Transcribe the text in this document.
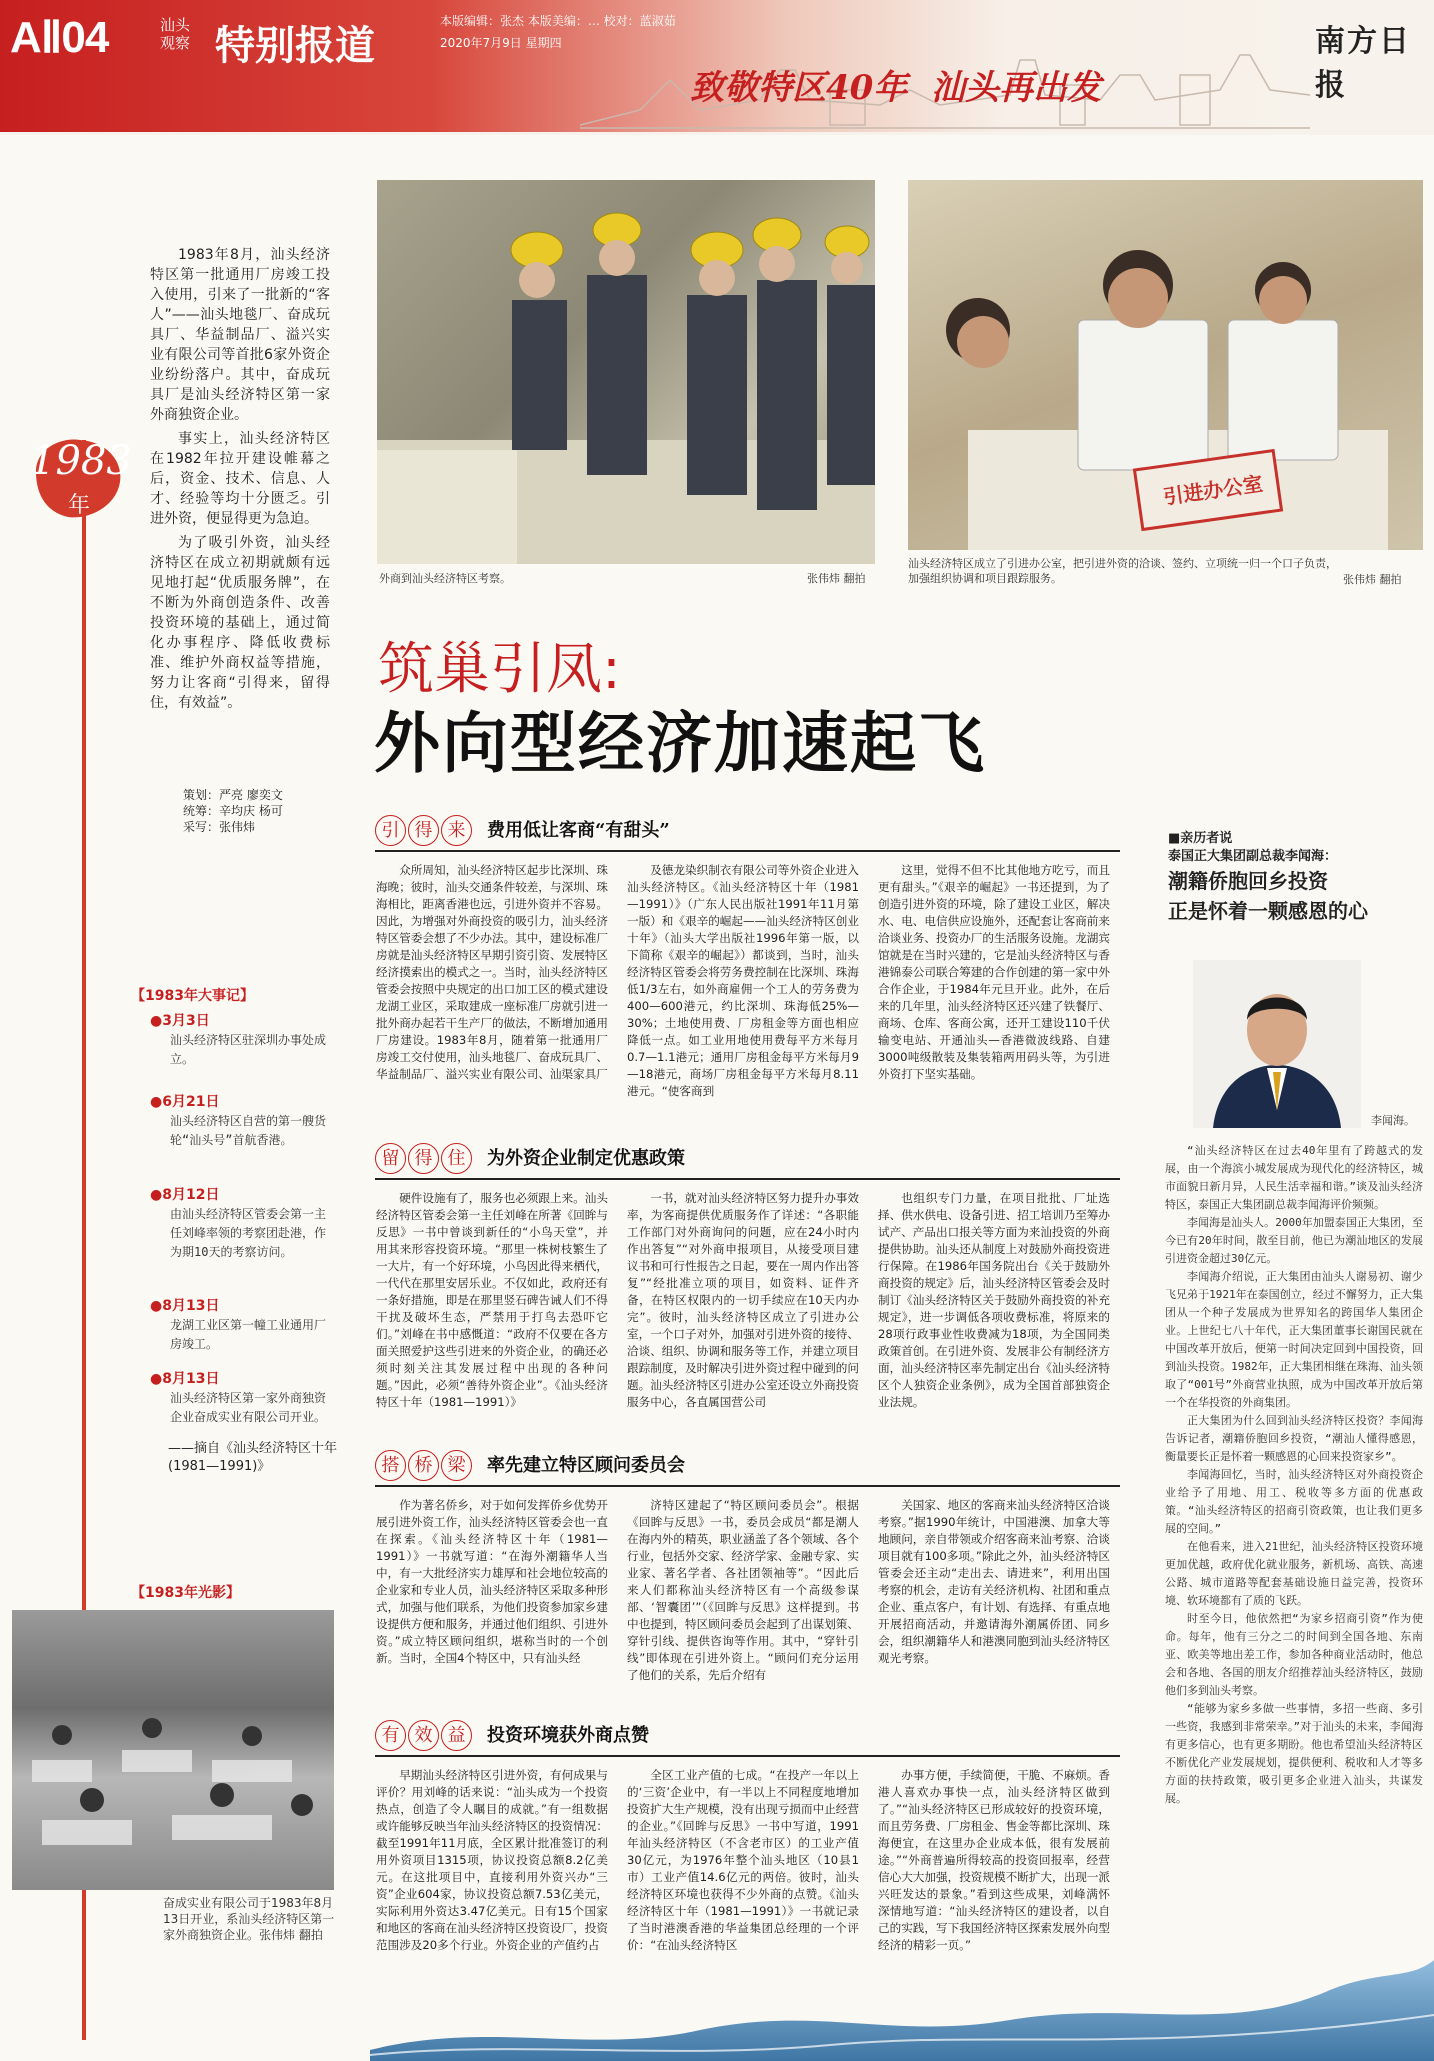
AⅡ04	汕头
观察 特别报道
本版编辑：张杰 本版美编：… 校对：蓝淑茹
2020年7月9日 星期四
致敬特区40年 汕头再出发
南方日报
1983
年

1983年8月，汕头经济特区第一批通用厂房竣工投入使用，引来了一批新的“客人”——汕头地毯厂、奋成玩具厂、华益制品厂、溢兴实业有限公司等首批6家外资企业纷纷落户。其中，奋成玩具厂是汕头经济特区第一家外商独资企业。

事实上，汕头经济特区在1982年拉开建设帷幕之后，资金、技术、信息、人才、经验等均十分匮乏。引进外资，便显得更为急迫。

为了吸引外资，汕头经济特区在成立初期就颇有远见地打起“优质服务牌”，在不断为外商创造条件、改善投资环境的基础上，通过简化办事程序、降低收费标准、维护外商权益等措施，努力让客商“引得来，留得住，有效益”。

策划：严亮 廖奕文
统筹：辛均庆 杨可
采写：张伟炜
【1983年大事记】
●3月3日
汕头经济特区驻深圳办事处成立。
●6月21日
汕头经济特区自营的第一艘货轮“汕头号”首航香港。
●8月12日
由汕头经济特区管委会第一主任刘峰率领的考察团赴港，作为期10天的考察访问。
●8月13日
龙湖工业区第一幢工业通用厂房竣工。
●8月13日
汕头经济特区第一家外商独资企业奋成实业有限公司开业。
——摘自《汕头经济特区十年(1981—1991)》
【1983年光影】
奋成实业有限公司于1983年8月13日开业，系汕头经济特区第一家外商独资企业。张伟炜 翻拍
外商到汕头经济特区考察。	张伟炜 翻拍
引进办公室
汕头经济特区成立了引进办公室，把引进外资的洽谈、签约、立项统一归一个口子负责，加强组织协调和项目跟踪服务。	张伟炜 翻拍
筑巢引凤:
外向型经济加速起飞
引 得 来 费用低让客商“有甜头”

众所周知，汕头经济特区起步比深圳、珠海晚；彼时，汕头交通条件较差，与深圳、珠海相比，距离香港也远，引进外资并不容易。因此，为增强对外商投资的吸引力，汕头经济特区管委会想了不少办法。其中，建设标准厂房就是汕头经济特区早期引资引资、发展特区经济摸索出的模式之一。当时，汕头经济特区管委会按照中央规定的出口加工区的模式建设龙湖工业区，采取建成一座标准厂房就引进一批外商办起若干生产厂的做法，不断增加通用厂房建设。1983年8月，随着第一批通用厂房竣工交付使用，汕头地毯厂、奋成玩具厂、华益制品厂、溢兴实业有限公司、汕渠家具厂

及德龙染织制衣有限公司等外资企业进入汕头经济特区。《汕头经济特区十年（1981—1991）》（广东人民出版社1991年11月第一版）和《艰辛的崛起——汕头经济特区创业十年》（汕头大学出版社1996年第一版，以下简称《艰辛的崛起》）都谈到，当时，汕头经济特区管委会将劳务费控制在比深圳、珠海低1/3左右，如外商雇佣一个工人的劳务费为400—600港元，约比深圳、珠海低25%—30%；土地使用费、厂房租金等方面也相应降低一点。如工业用地使用费每平方米每月0.7—1.1港元；通用厂房租金每平方米每月9—18港元，商场厂房租金每平方米每月8.11港元。“使客商到

这里，觉得不但不比其他地方吃亏，而且更有甜头。”《艰辛的崛起》一书还提到，为了创造引进外资的环境，除了建设工业区，解决水、电、电信供应设施外，还配套让客商前来洽谈业务、投资办厂的生活服务设施。龙湖宾馆就是在当时兴建的，它是汕头经济特区与香港锦泰公司联合筹建的合作创建的第一家中外合作企业，于1984年元旦开业。此外，在后来的几年里，汕头经济特区还兴建了铁餐厅、商场、仓库、客商公寓，还开工建设110千伏输变电站、开通汕头—香港微波线路、自建3000吨级散装及集装箱两用码头等，为引进外资打下坚实基础。

留 得 住 为外资企业制定优惠政策

硬件设施有了，服务也必须跟上来。汕头经济特区管委会第一主任刘峰在所著《回眸与反思》一书中曾谈到新任的“小鸟天堂”，并用其来形容投资环境。“那里一株树枝繁生了一大片，有一个好环境，小鸟因此得来栖代，一代代在那里安居乐业。不仅如此，政府还有一条好措施，即是在那里竖石碑告诫人们不得干扰及破坏生态，严禁用于打鸟去恐吓它们。”刘峰在书中感慨道：“政府不仅要在各方面关照爱护这些引进来的外资企业，的确还必须时刻关注其发展过程中出现的各种问题。”因此，必须“善待外资企业”。《汕头经济特区十年（1981—1991）》

一书，就对汕头经济特区努力提升办事效率，为客商提供优质服务作了详述：“各职能工作部门对外商询问的问题，应在24小时内作出答复”“对外商申报项目，从接受项目建议书和可行性报告之日起，要在一周内作出答复”“经批准立项的项目，如资料、证件齐备，在特区权限内的一切手续应在10天内办完”。彼时，汕头经济特区成立了引进办公室，一个口子对外，加强对引进外资的接待、洽谈、组织、协调和服务等工作，并建立项目跟踪制度，及时解决引进外资过程中碰到的问题。汕头经济特区引进办公室还设立外商投资服务中心，各直属国营公司

也组织专门力量，在项目批批、厂址选择、供水供电、设备引进、招工培训乃至筹办试产、产品出口报关等方面为来汕投资的外商提供协助。汕头还从制度上对鼓励外商投资进行保障。在1986年国务院出台《关于鼓励外商投资的规定》后，汕头经济特区管委会及时制订《汕头经济特区关于鼓励外商投资的补充规定》，进一步调低各项收费标准，将原来的28项行政事业性收费减为18项，为全国同类政策首创。在引进外资、发展非公有制经济方面，汕头经济特区率先制定出台《汕头经济特区个人独资企业条例》，成为全国首部独资企业法规。

搭 桥 梁 率先建立特区顾问委员会

作为著名侨乡，对于如何发挥侨乡优势开展引进外资工作，汕头经济特区管委会也一直在探索。《汕头经济特区十年（1981—1991）》一书就写道：“在海外潮籍华人当中，有一大批经济实力雄厚和社会地位较高的企业家和专业人员，汕头经济特区采取多种形式，加强与他们联系，为他们投资参加家乡建设提供方便和服务，并通过他们组织、引进外资。”成立特区顾问组织，堪称当时的一个创新。当时，全国4个特区中，只有汕头经

济特区建起了“特区顾问委员会”。根据《回眸与反思》一书，委员会成员“都是潮人在海内外的精英，职业涵盖了各个领域、各个行业，包括外交家、经济学家、金融专家、实业家、著名学者、各社团领袖等”。“因此后来人们都称汕头经济特区有一个高级参谋部、‘智囊团’”（《回眸与反思》这样提到。书中也提到，特区顾问委员会起到了出谋划策、穿针引线、提供咨询等作用。其中，“穿针引线”即体现在引进外资上。“顾问们充分运用了他们的关系，先后介绍有

关国家、地区的客商来汕头经济特区洽谈考察。”据1990年统计，中国港澳、加拿大等地顾问，亲自带领或介绍客商来汕考察、洽谈项目就有100多项。”除此之外，汕头经济特区管委会还主动“走出去、请进来”，利用出国考察的机会，走访有关经济机构、社团和重点企业、重点客户，有计划、有选择、有重点地开展招商活动，并邀请海外潮属侨团、同乡会，组织潮籍华人和港澳同胞到汕头经济特区观光考察。

有 效 益 投资环境获外商点赞

早期汕头经济特区引进外资，有何成果与评价？用刘峰的话来说：“汕头成为一个投资热点，创造了令人瞩目的成就。”有一组数据或许能够反映当年汕头经济特区的投资情况：截至1991年11月底，全区累计批准签订的利用外资项目1315项，协议投资总额8.2亿美元。在这批项目中，直接利用外资兴办“三资”企业604家，协议投资总额7.53亿美元，实际利用外资达3.47亿美元。日有15个国家和地区的客商在汕头经济特区投资设厂，投资范围涉及20多个行业。外资企业的产值约占

全区工业产值的七成。“在投产一年以上的‘三资’企业中，有一半以上不同程度地增加投资扩大生产规模，没有出现亏损而中止经营的企业。”《回眸与反思》一书中写道，1991年汕头经济特区（不含老市区）的工业产值30亿元，为1976年整个汕头地区（10县1市）工业产值14.6亿元的两倍。彼时，汕头经济特区环境也获得不少外商的点赞。《汕头经济特区十年（1981—1991）》一书就记录了当时港澳香港的华益集团总经理的一个评价：“在汕头经济特区

办事方便，手续简便，干脆、不麻烦。香港人喜欢办事快一点，汕头经济特区做到了。”“汕头经济特区已形成较好的投资环境，而且劳务费、厂房租金、售金等都比深圳、珠海便宜，在这里办企业成本低，很有发展前途。”“外商普遍所得较高的投资回报率，经营信心大大加强，投资规模不断扩大，出现一派兴旺发达的景象。”看到这些成果，刘峰满怀深情地写道：“汕头经济特区的建设者，以自己的实践，写下我国经济特区探索发展外向型经济的精彩一页。”

■亲历者说
泰国正大集团副总裁李闻海：
潮籍侨胞回乡投资
正是怀着一颗感恩的心
李闻海。

“汕头经济特区在过去40年里有了跨越式的发展，由一个海滨小城发展成为现代化的经济特区，城市面貌日新月异，人民生活幸福和谐。”谈及汕头经济特区，泰国正大集团副总裁李闻海评价频频。

李闻海是汕头人。2000年加盟泰国正大集团，至今已有20年时间，散至目前，他已为潮汕地区的发展引进资金超过30亿元。

李闻海介绍说，正大集团由汕头人谢易初、谢少飞兄弟于1921年在泰国创立，经过不懈努力，正大集团从一个种子发展成为世界知名的跨国华人集团企业。上世纪七八十年代，正大集团董事长谢国民就在中国改革开放后，便第一时间决定回到中国投资，回到汕头投资。1982年，正大集团相继在珠海、汕头领取了“001号”外商营业执照，成为中国改革开放后第一个在华投资的外商集团。

正大集团为什么回到汕头经济特区投资？李闻海告诉记者，潮籍侨胞回乡投资，“潮汕人懂得感恩，衡量要长正是怀着一颗感恩的心回来投资家乡”。

李闻海回忆，当时，汕头经济特区对外商投资企业给予了用地、用工、税收等多方面的优惠政策。“汕头经济特区的招商引资政策，也让我们更多展的空间。”

在他看来，进入21世纪，汕头经济特区投资环境更加优越，政府优化就业服务，新机场、高铁、高速公路、城市道路等配套基础设施日益完善，投资环境、软环境都有了质的飞跃。

时至今日，他依然把“为家乡招商引资”作为使命。每年，他有三分之二的时间到全国各地、东南亚、欧美等地出差工作，参加各种商业活动时，他总会和各地、各国的朋友介绍推荐汕头经济特区，鼓励他们多到汕头考察。

“能够为家乡多做一些事情，多招一些商、多引一些资，我感到非常荣幸。”对于汕头的未来，李闻海有更多信心，也有更多期盼。他也希望汕头经济特区不断优化产业发展规划，提供便利、税收和人才等多方面的扶持政策，吸引更多企业进入汕头，共谋发展。
